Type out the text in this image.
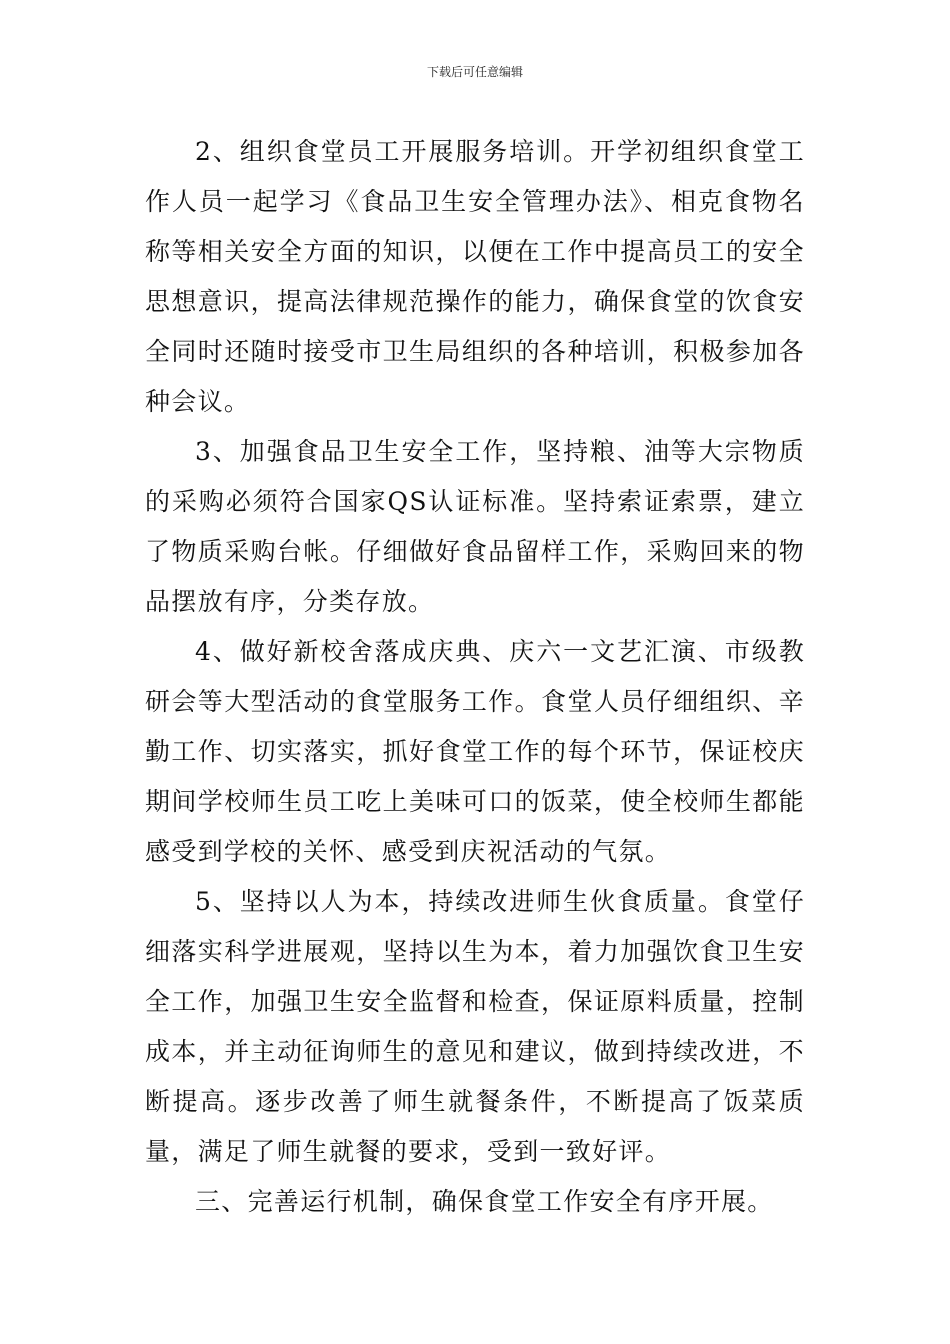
下载后可任意编辑

2、组织食堂员工开展服务培训。开学初组织食堂工作人员一起学习《食品卫生安全管理办法》、相克食物名称等相关安全方面的知识，以便在工作中提高员工的安全思想意识，提高法律规范操作的能力，确保食堂的饮食安全同时还随时接受市卫生局组织的各种培训，积极参加各种会议。

3、加强食品卫生安全工作，坚持粮、油等大宗物质的采购必须符合国家QS认证标准。坚持索证索票，建立了物质采购台帐。仔细做好食品留样工作，采购回来的物品摆放有序，分类存放。

4、做好新校舍落成庆典、庆六一文艺汇演、市级教研会等大型活动的食堂服务工作。食堂人员仔细组织、辛勤工作、切实落实，抓好食堂工作的每个环节，保证校庆期间学校师生员工吃上美味可口的饭菜，使全校师生都能感受到学校的关怀、感受到庆祝活动的气氛。

5、坚持以人为本，持续改进师生伙食质量。食堂仔细落实科学进展观，坚持以生为本，着力加强饮食卫生安全工作，加强卫生安全监督和检查，保证原料质量，控制成本，并主动征询师生的意见和建议，做到持续改进，不断提高。逐步改善了师生就餐条件，不断提高了饭菜质量，满足了师生就餐的要求，受到一致好评。

三、完善运行机制，确保食堂工作安全有序开展。
